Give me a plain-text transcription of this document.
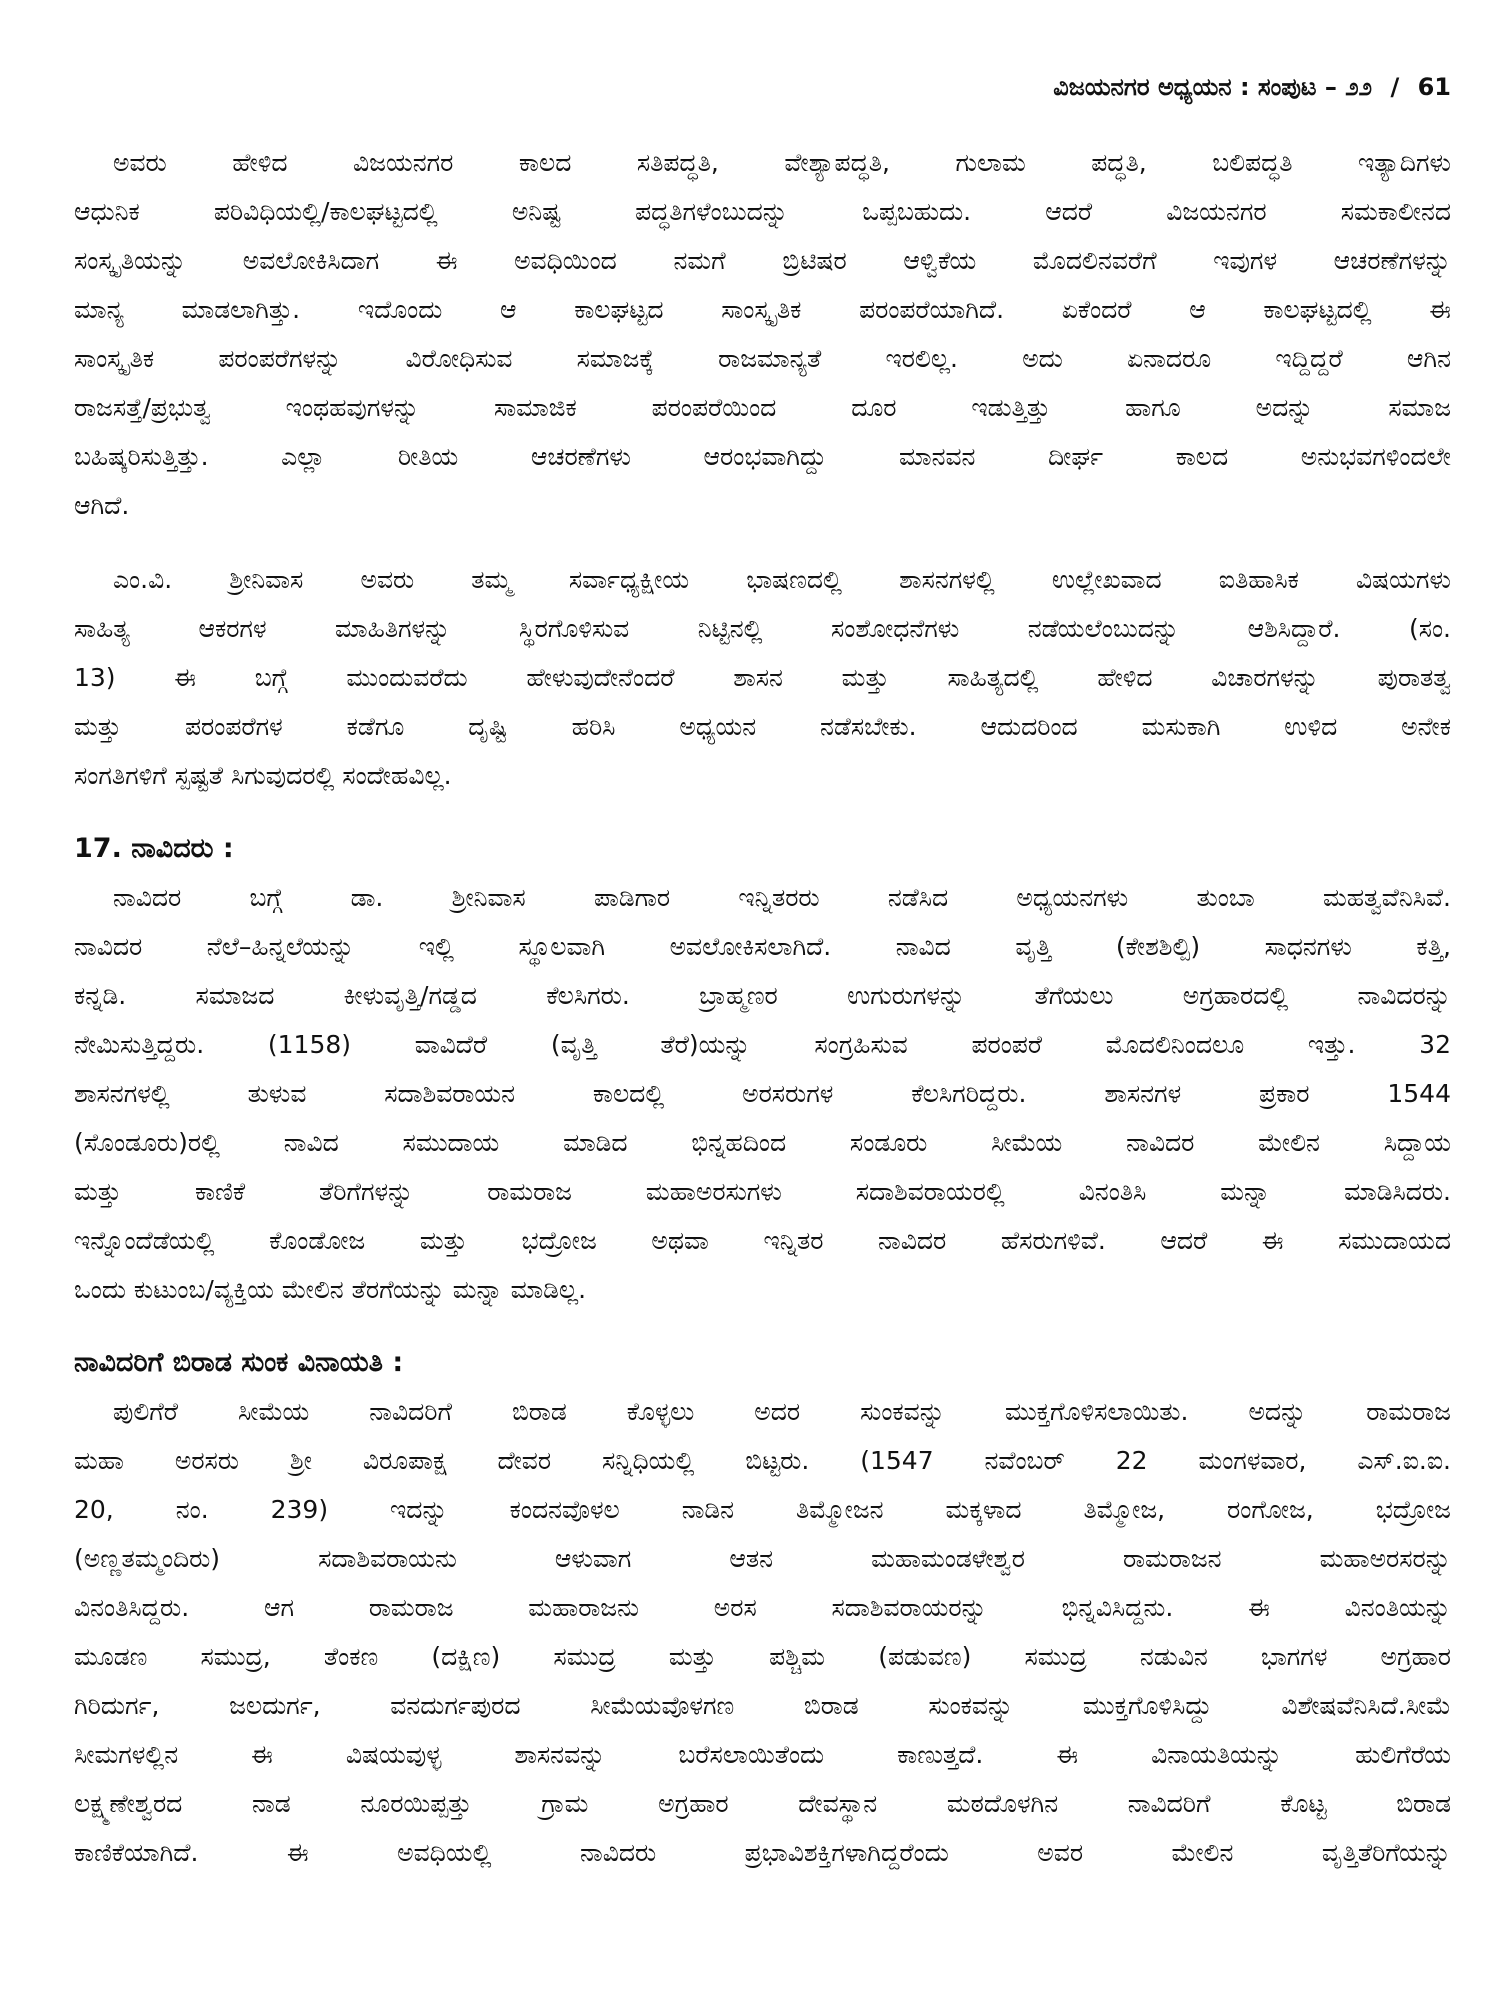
ವಿಜಯನಗರ ಅಧ್ಯಯನ : ಸಂಪುಟ – ೨೨ / 61
ಅವರು ಹೇಳಿದ ವಿಜಯನಗರ ಕಾಲದ ಸತಿಪದ್ಧತಿ, ವೇಶ್ಯಾಪದ್ಧತಿ, ಗುಲಾಮ ಪದ್ಧತಿ, ಬಲಿಪದ್ಧತಿ ಇತ್ಯಾದಿಗಳು
ಆಧುನಿಕ ಪರಿವಿಧಿಯಲ್ಲಿ/ಕಾಲಘಟ್ಟದಲ್ಲಿ ಅನಿಷ್ಟ ಪದ್ಧತಿಗಳೆಂಬುದನ್ನು ಒಪ್ಪಬಹುದು. ಆದರೆ ವಿಜಯನಗರ ಸಮಕಾಲೀನದ
ಸಂಸ್ಕೃತಿಯನ್ನು ಅವಲೋಕಿಸಿದಾಗ ಈ ಅವಧಿಯಿಂದ ನಮಗೆ ಬ್ರಿಟಿಷರ ಆಳ್ವಿಕೆಯ ಮೊದಲಿನವರೆಗೆ ಇವುಗಳ ಆಚರಣೆಗಳನ್ನು
ಮಾನ್ಯ ಮಾಡಲಾಗಿತ್ತು. ಇದೊಂದು ಆ ಕಾಲಘಟ್ಟದ ಸಾಂಸ್ಕೃತಿಕ ಪರಂಪರೆಯಾಗಿದೆ. ಏಕೆಂದರೆ ಆ ಕಾಲಘಟ್ಟದಲ್ಲಿ ಈ
ಸಾಂಸ್ಕೃತಿಕ ಪರಂಪರೆಗಳನ್ನು ವಿರೋಧಿಸುವ ಸಮಾಜಕ್ಕೆ ರಾಜಮಾನ್ಯತೆ ಇರಲಿಲ್ಲ. ಅದು ಏನಾದರೂ ಇದ್ದಿದ್ದರೆ ಆಗಿನ
ರಾಜಸತ್ತೆ/ಪ್ರಭುತ್ವ ಇಂಥಹವುಗಳನ್ನು ಸಾಮಾಜಿಕ ಪರಂಪರೆಯಿಂದ ದೂರ ಇಡುತ್ತಿತ್ತು ಹಾಗೂ ಅದನ್ನು ಸಮಾಜ
ಬಹಿಷ್ಕರಿಸುತ್ತಿತ್ತು. ಎಲ್ಲಾ ರೀತಿಯ ಆಚರಣೆಗಳು ಆರಂಭವಾಗಿದ್ದು ಮಾನವನ ದೀರ್ಘ ಕಾಲದ ಅನುಭವಗಳಿಂದಲೇ
ಆಗಿದೆ.
ಎಂ.ವಿ. ಶ್ರೀನಿವಾಸ ಅವರು ತಮ್ಮ ಸರ್ವಾಧ್ಯಕ್ಷೀಯ ಭಾಷಣದಲ್ಲಿ ಶಾಸನಗಳಲ್ಲಿ ಉಲ್ಲೇಖವಾದ ಐತಿಹಾಸಿಕ ವಿಷಯಗಳು
ಸಾಹಿತ್ಯ ಆಕರಗಳ ಮಾಹಿತಿಗಳನ್ನು ಸ್ಥಿರಗೊಳಿಸುವ ನಿಟ್ಟಿನಲ್ಲಿ ಸಂಶೋಧನೆಗಳು ನಡೆಯಲೆಂಬುದನ್ನು ಆಶಿಸಿದ್ದಾರೆ. (ಸಂ.
13) ಈ ಬಗ್ಗೆ ಮುಂದುವರೆದು ಹೇಳುವುದೇನೆಂದರೆ ಶಾಸನ ಮತ್ತು ಸಾಹಿತ್ಯದಲ್ಲಿ ಹೇಳಿದ ವಿಚಾರಗಳನ್ನು ಪುರಾತತ್ವ
ಮತ್ತು ಪರಂಪರೆಗಳ ಕಡೆಗೂ ದೃಷ್ಟಿ ಹರಿಸಿ ಅಧ್ಯಯನ ನಡೆಸಬೇಕು. ಆದುದರಿಂದ ಮಸುಕಾಗಿ ಉಳಿದ ಅನೇಕ
ಸಂಗತಿಗಳಿಗೆ ಸ್ಪಷ್ಟತೆ ಸಿಗುವುದರಲ್ಲಿ ಸಂದೇಹವಿಲ್ಲ.
17. ನಾವಿದರು :
ನಾವಿದರ ಬಗ್ಗೆ ಡಾ. ಶ್ರೀನಿವಾಸ ಪಾಡಿಗಾರ ಇನ್ನಿತರರು ನಡೆಸಿದ ಅಧ್ಯಯನಗಳು ತುಂಬಾ ಮಹತ್ವವೆನಿಸಿವೆ.
ನಾವಿದರ ನೆಲೆ–ಹಿನ್ನಲೆಯನ್ನು ಇಲ್ಲಿ ಸ್ಥೂಲವಾಗಿ ಅವಲೋಕಿಸಲಾಗಿದೆ. ನಾವಿದ ವೃತ್ತಿ (ಕೇಶಶಿಲ್ಪಿ) ಸಾಧನಗಳು ಕತ್ತಿ,
ಕನ್ನಡಿ. ಸಮಾಜದ ಕೀಳುವೃತ್ತಿ/ಗಡ್ಡದ ಕೆಲಸಿಗರು. ಬ್ರಾಹ್ಮಣರ ಉಗುರುಗಳನ್ನು ತೆಗೆಯಲು ಅಗ್ರಹಾರದಲ್ಲಿ ನಾವಿದರನ್ನು
ನೇಮಿಸುತ್ತಿದ್ದರು. (1158) ವಾವಿದೆರೆ (ವೃತ್ತಿ ತೆರೆ)ಯನ್ನು ಸಂಗ್ರಹಿಸುವ ಪರಂಪರೆ ಮೊದಲಿನಿಂದಲೂ ಇತ್ತು. 32
ಶಾಸನಗಳಲ್ಲಿ ತುಳುವ ಸದಾಶಿವರಾಯನ ಕಾಲದಲ್ಲಿ ಅರಸರುಗಳ ಕೆಲಸಿಗರಿದ್ದರು. ಶಾಸನಗಳ ಪ್ರಕಾರ 1544
(ಸೊಂಡೂರು)ರಲ್ಲಿ ನಾವಿದ ಸಮುದಾಯ ಮಾಡಿದ ಭಿನ್ನಹದಿಂದ ಸಂಡೂರು ಸೀಮೆಯ ನಾವಿದರ ಮೇಲಿನ ಸಿದ್ದಾಯ
ಮತ್ತು ಕಾಣಿಕೆ ತೆರಿಗೆಗಳನ್ನು ರಾಮರಾಜ ಮಹಾಅರಸುಗಳು ಸದಾಶಿವರಾಯರಲ್ಲಿ ವಿನಂತಿಸಿ ಮನ್ನಾ ಮಾಡಿಸಿದರು.
ಇನ್ನೊಂದೆಡೆಯಲ್ಲಿ ಕೊಂಡೋಜ ಮತ್ತು ಭದ್ರೋಜ ಅಥವಾ ಇನ್ನಿತರ ನಾವಿದರ ಹೆಸರುಗಳಿವೆ. ಆದರೆ ಈ ಸಮುದಾಯದ
ಒಂದು ಕುಟುಂಬ/ವ್ಯಕ್ತಿಯ ಮೇಲಿನ ತೆರಗೆಯನ್ನು ಮನ್ನಾ ಮಾಡಿಲ್ಲ.
ನಾವಿದರಿಗೆ ಬಿರಾಡ ಸುಂಕ ವಿನಾಯತಿ :
ಪುಲಿಗೆರೆ ಸೀಮೆಯ ನಾವಿದರಿಗೆ ಬಿರಾಡ ಕೊಳ್ಳಲು ಅದರ ಸುಂಕವನ್ನು ಮುಕ್ತಗೊಳಿಸಲಾಯಿತು. ಅದನ್ನು ರಾಮರಾಜ
ಮಹಾ ಅರಸರು ಶ್ರೀ ವಿರೂಪಾಕ್ಷ ದೇವರ ಸನ್ನಿಧಿಯಲ್ಲಿ ಬಿಟ್ಟರು. (1547 ನವೆಂಬರ್ 22 ಮಂಗಳವಾರ, ಎಸ್.ಐ.ಐ.
20, ನಂ. 239) ಇದನ್ನು ಕಂದನವೊಳಲ ನಾಡಿನ ತಿಮ್ಮೋಜನ ಮಕ್ಕಳಾದ ತಿಮ್ಮೋಜ, ರಂಗೋಜ, ಭದ್ರೋಜ
(ಅಣ್ಣತಮ್ಮಂದಿರು) ಸದಾಶಿವರಾಯನು ಆಳುವಾಗ ಆತನ ಮಹಾಮಂಡಳೇಶ್ವರ ರಾಮರಾಜನ ಮಹಾಅರಸರನ್ನು
ವಿನಂತಿಸಿದ್ದರು. ಆಗ ರಾಮರಾಜ ಮಹಾರಾಜನು ಅರಸ ಸದಾಶಿವರಾಯರನ್ನು ಭಿನ್ನವಿಸಿದ್ದನು. ಈ ವಿನಂತಿಯನ್ನು
ಮೂಡಣ ಸಮುದ್ರ, ತೆಂಕಣ (ದಕ್ಷಿಣ) ಸಮುದ್ರ ಮತ್ತು ಪಶ್ಚಿಮ (ಪಡುವಣ) ಸಮುದ್ರ ನಡುವಿನ ಭಾಗಗಳ ಅಗ್ರಹಾರ
ಗಿರಿದುರ್ಗ, ಜಲದುರ್ಗ, ವನದುರ್ಗಪುರದ ಸೀಮೆಯವೊಳಗಣ ಬಿರಾಡ ಸುಂಕವನ್ನು ಮುಕ್ತಗೊಳಿಸಿದ್ದು ವಿಶೇಷವೆನಿಸಿದೆ.ಸೀಮೆ
ಸೀಮಗಳಲ್ಲಿನ ಈ ವಿಷಯವುಳ್ಳ ಶಾಸನವನ್ನು ಬರೆಸಲಾಯಿತೆಂದು ಕಾಣುತ್ತದೆ. ಈ ವಿನಾಯತಿಯನ್ನು ಹುಲಿಗೆರೆಯ
ಲಕ್ಷ್ಮಣೇಶ್ವರದ ನಾಡ ನೂರಯಿಪ್ಪತ್ತು ಗ್ರಾಮ ಅಗ್ರಹಾರ ದೇವಸ್ಥಾನ ಮಠದೊಳಗಿನ ನಾವಿದರಿಗೆ ಕೊಟ್ಟ ಬಿರಾಡ
ಕಾಣಿಕೆಯಾಗಿದೆ. ಈ ಅವಧಿಯಲ್ಲಿ ನಾವಿದರು ಪ್ರಭಾವಿಶಕ್ತಿಗಳಾಗಿದ್ದರೆಂದು ಅವರ ಮೇಲಿನ ವೃತ್ತಿತೆರಿಗೆಯನ್ನು
